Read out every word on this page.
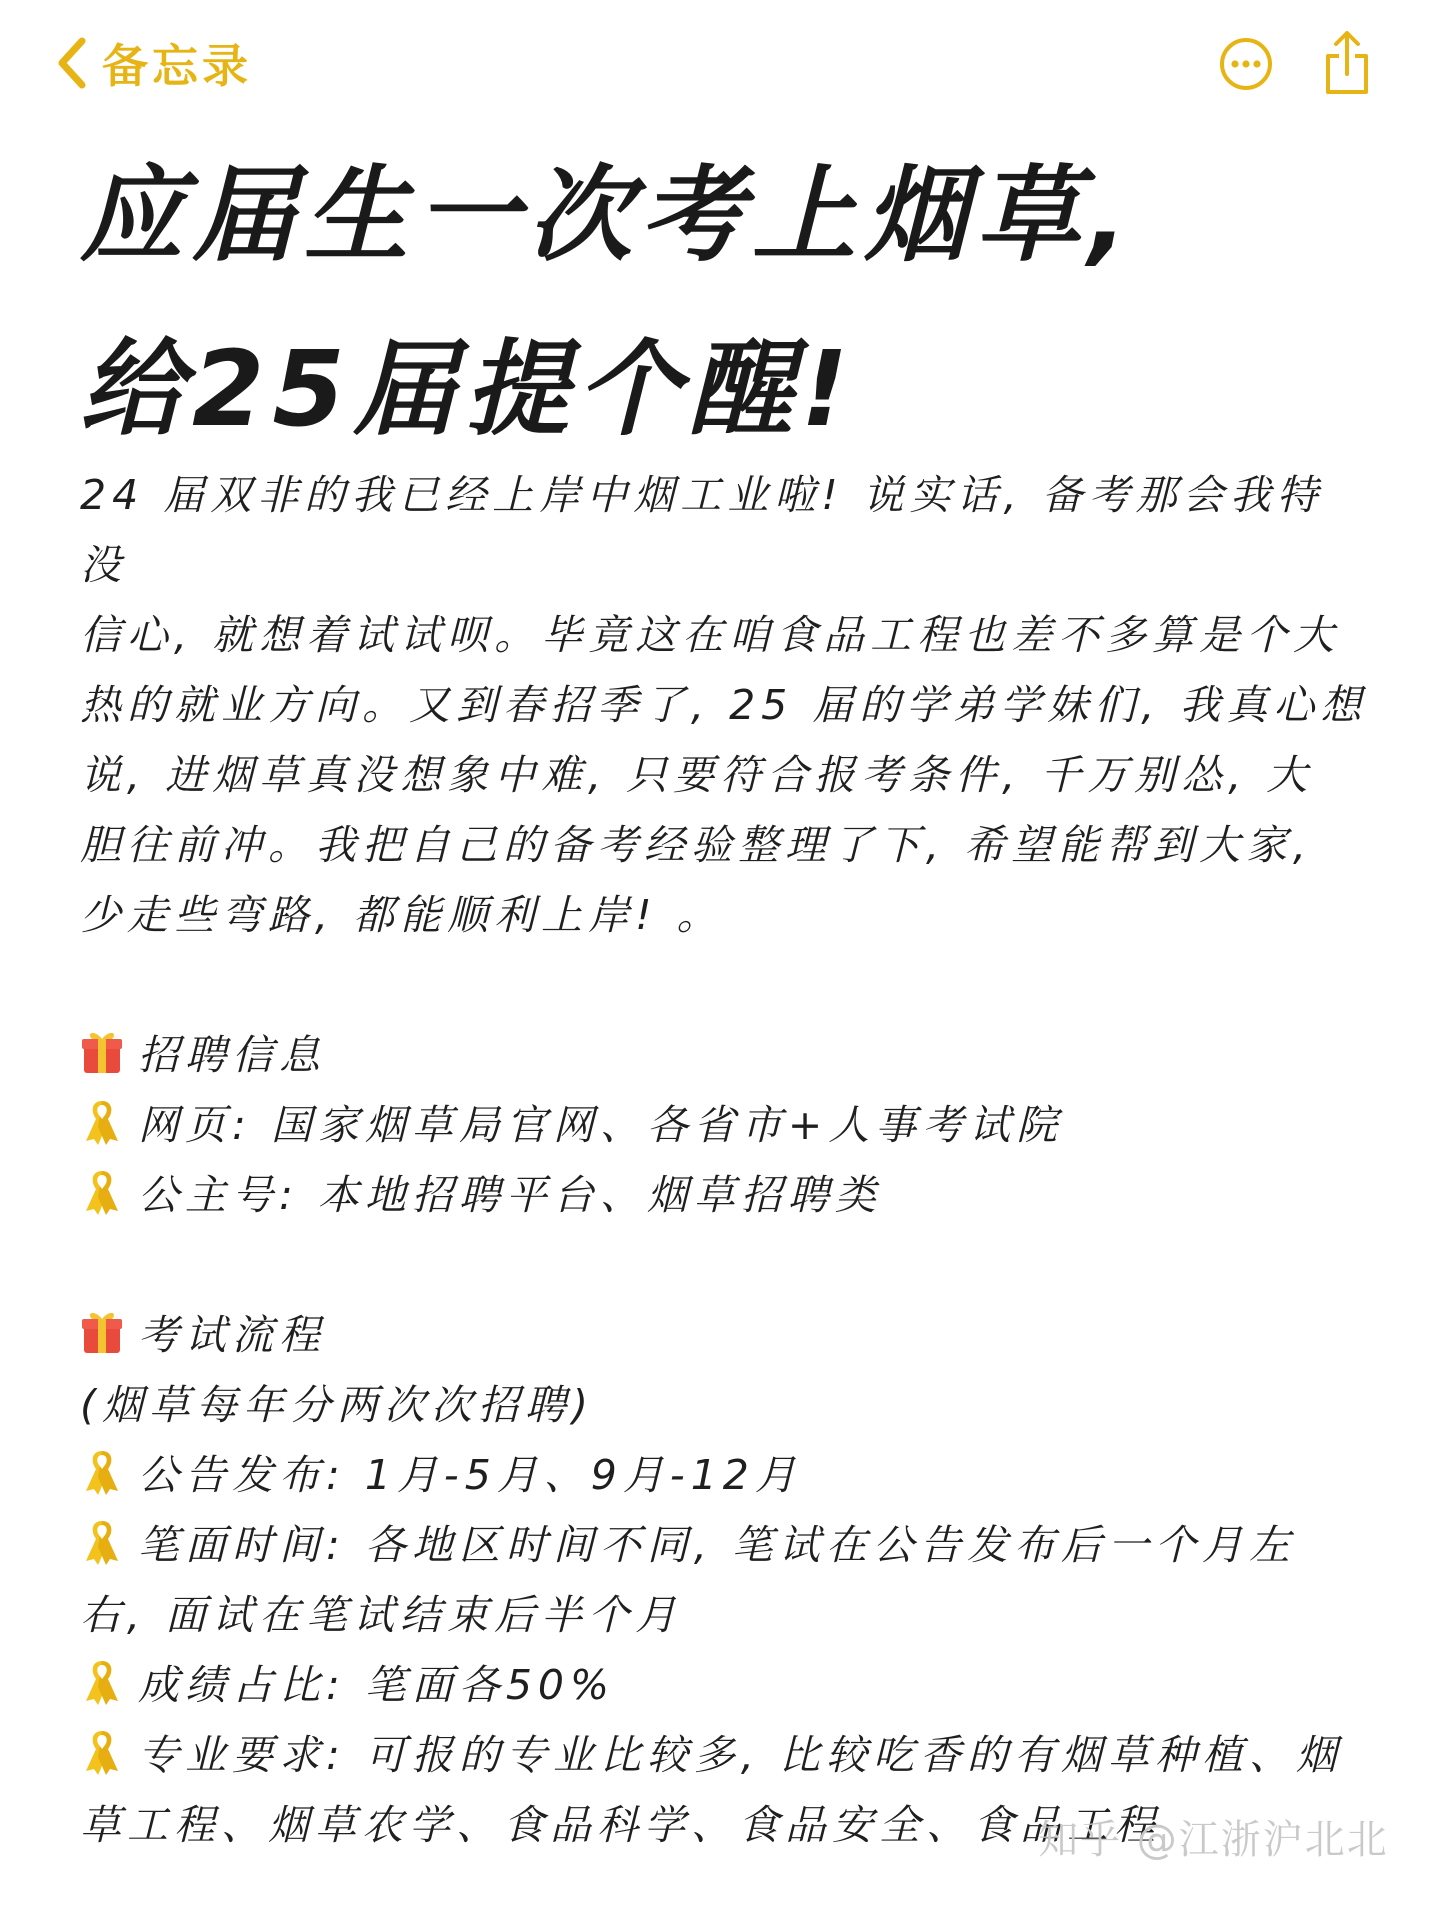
备忘录
应届生一次考上烟草,
给25届提个醒!
24 届双非的我已经上岸中烟工业啦! 说实话, 备考那会我特没
信心, 就想着试试呗。毕竟这在咱食品工程也差不多算是个大
热的就业方向。又到春招季了, 25 届的学弟学妹们, 我真心想
说, 进烟草真没想象中难, 只要符合报考条件, 千万别怂, 大
胆往前冲。我把自己的备考经验整理了下, 希望能帮到大家,
少走些弯路, 都能顺利上岸! 。
招聘信息
网页: 国家烟草局官网、各省市+人事考试院
公主号: 本地招聘平台、烟草招聘类
考试流程
(烟草每年分两次次招聘)
公告发布: 1月-5月、9月-12月
笔面时间: 各地区时间不同, 笔试在公告发布后一个月左
右, 面试在笔试结束后半个月
成绩占比: 笔面各50%
专业要求: 可报的专业比较多, 比较吃香的有烟草种植、烟
草工程、烟草农学、食品科学、食品安全、食品工程
知乎 @江浙沪北北
